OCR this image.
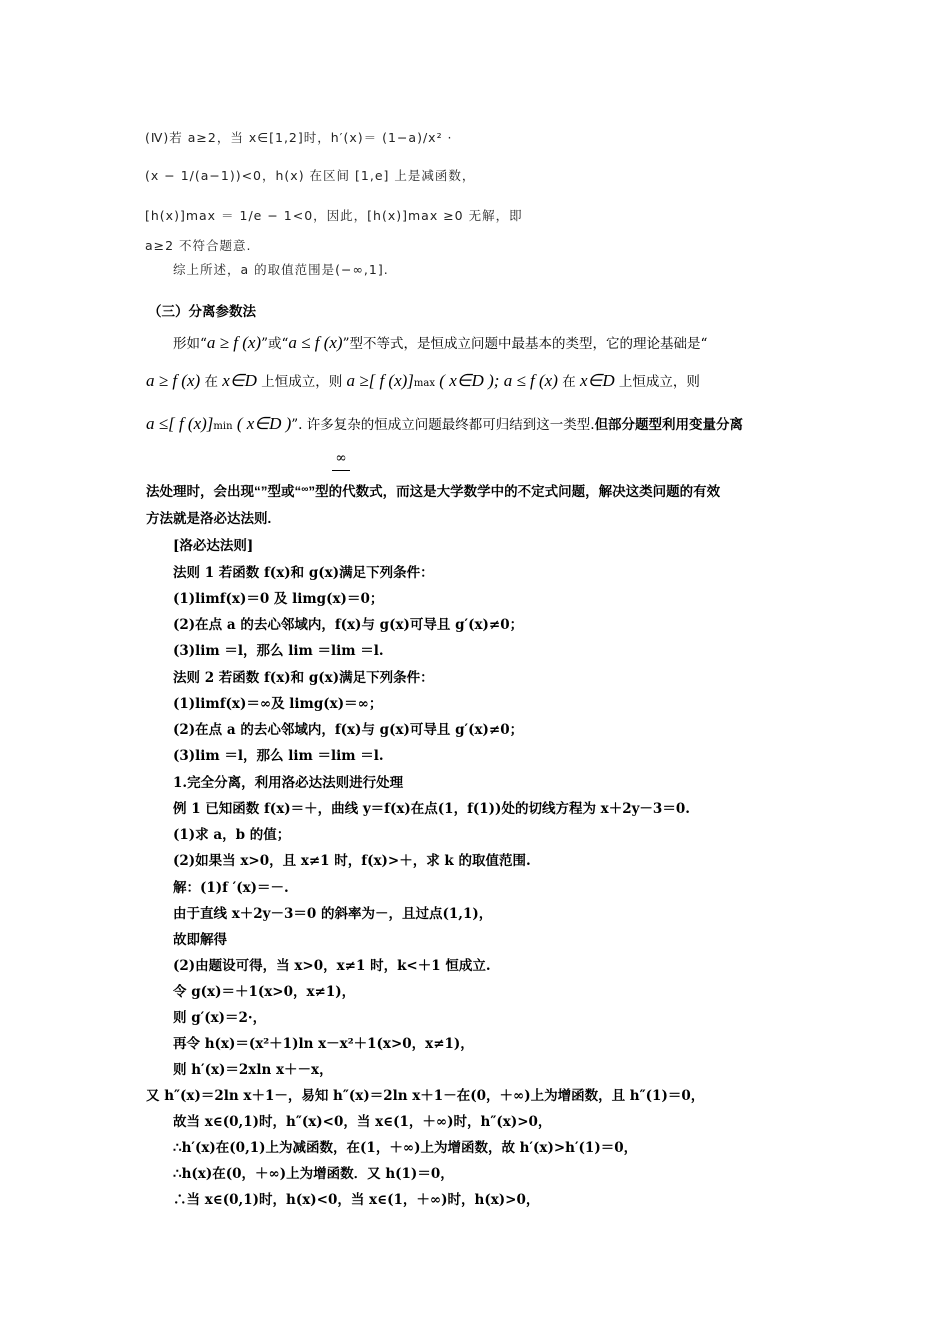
(Ⅳ)若 a≥2，当 x∈[1,2]时，h′(x)＝ (1−a)/x² ·
(x − 1/(a−1))<0，h(x) 在区间 [1,e] 上是减函数，
[h(x)]max ＝ 1/e − 1<0，因此，[h(x)]max ≥0 无解，即
a≥2 不符合题意.
综上所述，a 的取值范围是(−∞,1].
（三）分离参数法
形如“a ≥ f (x)”或“a ≤ f (x)”型不等式，是恒成立问题中最基本的类型，它的理论基础是“
a ≥ f (x) 在 x∈D 上恒成立，则 a ≥[ f (x)]max ( x∈D ); a ≤ f (x) 在 x∈D 上恒成立，则
a ≤[ f (x)]min ( x∈D )”. 许多复杂的恒成立问题最终都可归结到这一类型.但部分题型利用变量分离
∞
法处理时，会出现“”型或“∞”型的代数式，而这是大学数学中的不定式问题，解决这类问题的有效
方法就是洛必达法则.
[洛必达法则]
法则 1 若函数 f(x)和 g(x)满足下列条件：
(1)limf(x)＝0 及 limg(x)＝0；
(2)在点 a 的去心邻域内，f(x)与 g(x)可导且 g′(x)≠0；
(3)lim ＝l，那么 lim ＝lim ＝l.
法则 2 若函数 f(x)和 g(x)满足下列条件：
(1)limf(x)＝∞及 limg(x)＝∞；
(2)在点 a 的去心邻域内，f(x)与 g(x)可导且 g′(x)≠0；
(3)lim ＝l，那么 lim ＝lim ＝l.
1.完全分离，利用洛必达法则进行处理
例 1 已知函数 f(x)＝＋，曲线 y＝f(x)在点(1，f(1))处的切线方程为 x＋2y－3＝0.
(1)求 a，b 的值；
(2)如果当 x>0，且 x≠1 时，f(x)>＋，求 k 的取值范围.
解：(1)f ′(x)＝－.
由于直线 x＋2y－3＝0 的斜率为－，且过点(1,1)，
故即解得
(2)由题设可得，当 x>0，x≠1 时，k<＋1 恒成立.
令 g(x)＝＋1(x>0，x≠1)，
则 g′(x)＝2·，
再令 h(x)＝(x²＋1)ln x－x²＋1(x>0，x≠1)，
则 h′(x)＝2xln x＋－x，
又 h″(x)＝2ln x＋1－，易知 h″(x)＝2ln x＋1－在(0，＋∞)上为增函数，且 h″(1)＝0，
故当 x∈(0,1)时，h″(x)<0，当 x∈(1，＋∞)时，h″(x)>0，
∴h′(x)在(0,1)上为减函数，在(1，＋∞)上为增函数，故 h′(x)>h′(1)＝0，
∴h(x)在(0，＋∞)上为增函数．又 h(1)＝0，
∴当 x∈(0,1)时，h(x)<0，当 x∈(1，＋∞)时，h(x)>0，
